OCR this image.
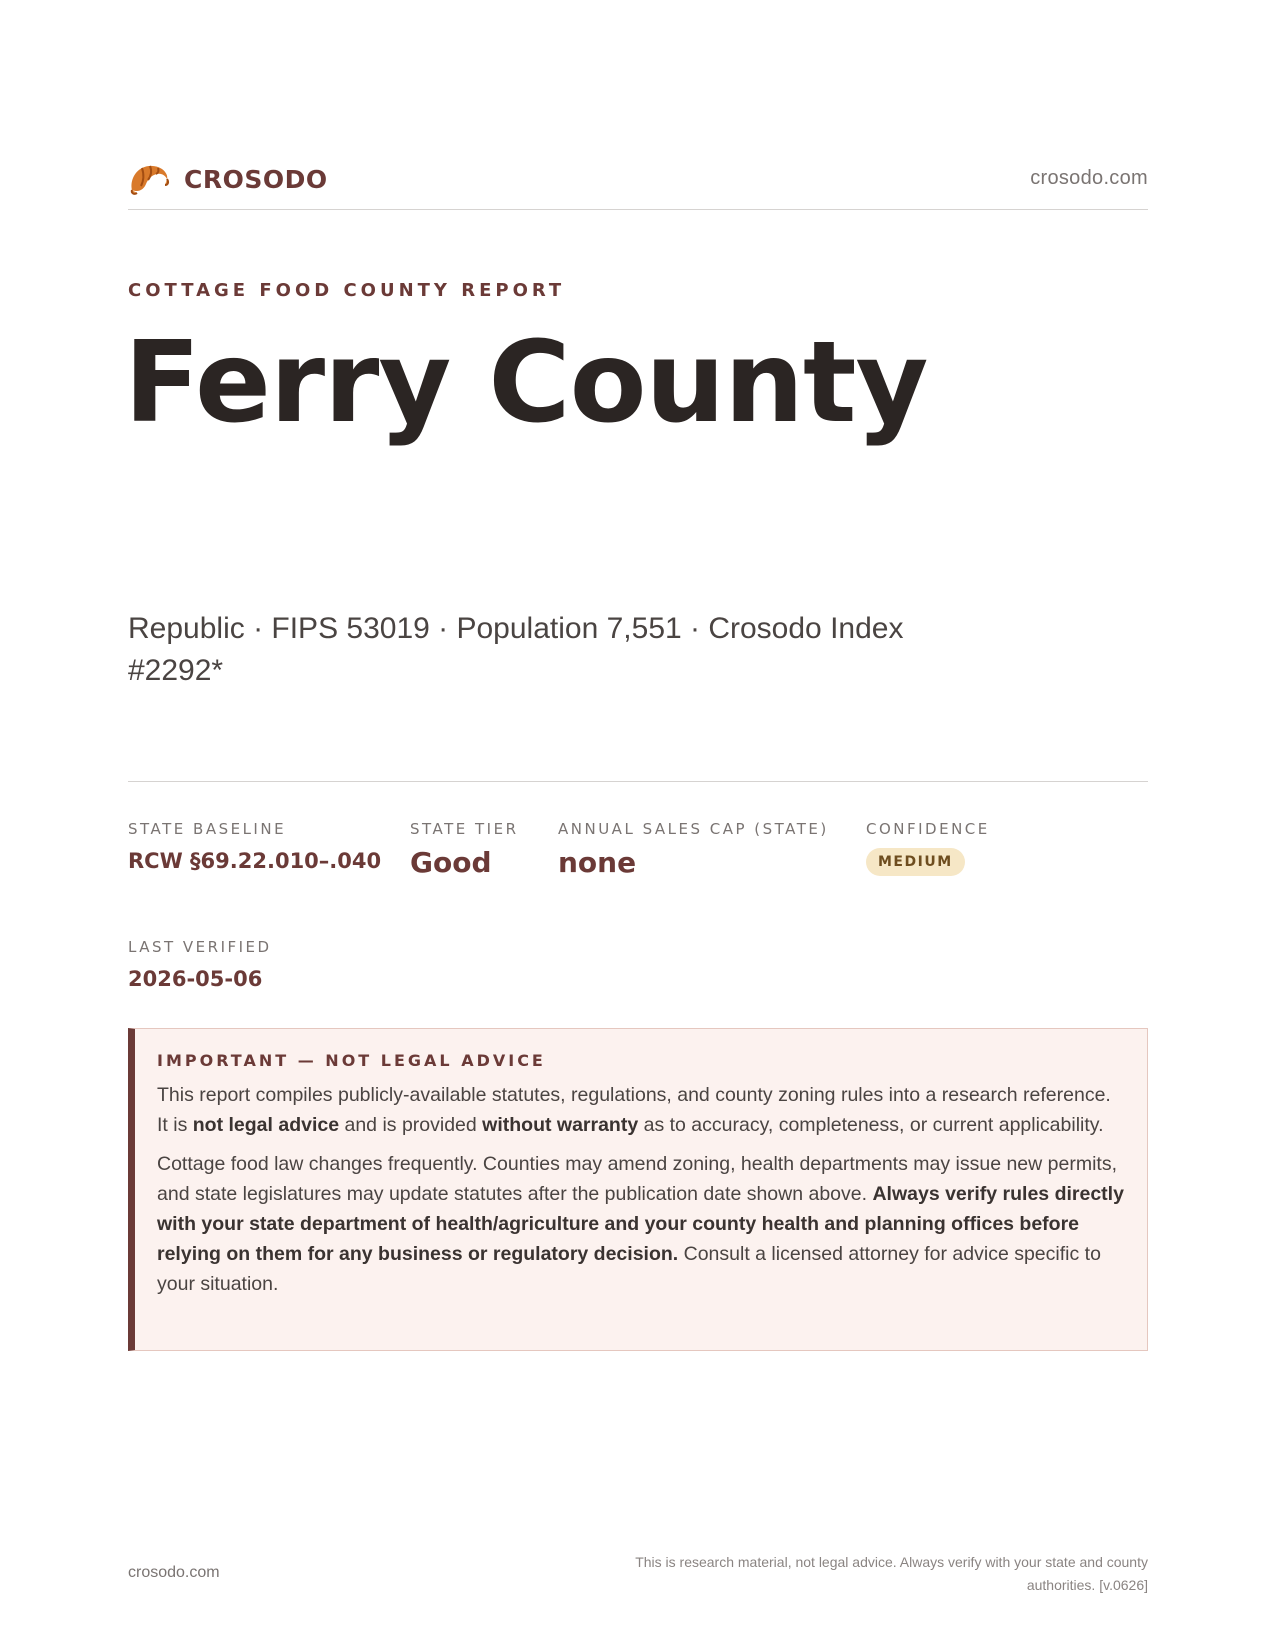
CROSODO	crosodo.com
COTTAGE FOOD COUNTY REPORT
Ferry County
Republic · FIPS 53019 · Population 7,551 · Crosodo Index #2292*
STATE BASELINE
RCW §69.22.010–.040
STATE TIER
Good
ANNUAL SALES CAP (STATE)
none
CONFIDENCE
MEDIUM
LAST VERIFIED
2026-05-06
IMPORTANT — NOT LEGAL ADVICE

This report compiles publicly-available statutes, regulations, and county zoning rules into a research reference. It is not legal advice and is provided without warranty as to accuracy, completeness, or current applicability.

Cottage food law changes frequently. Counties may amend zoning, health departments may issue new permits, and state legislatures may update statutes after the publication date shown above. Always verify rules directly with your state department of health/agriculture and your county health and planning offices before relying on them for any business or regulatory decision. Consult a licensed attorney for advice specific to your situation.

crosodo.com
This is research material, not legal advice. Always verify with your state and county authorities. [v.0626]
